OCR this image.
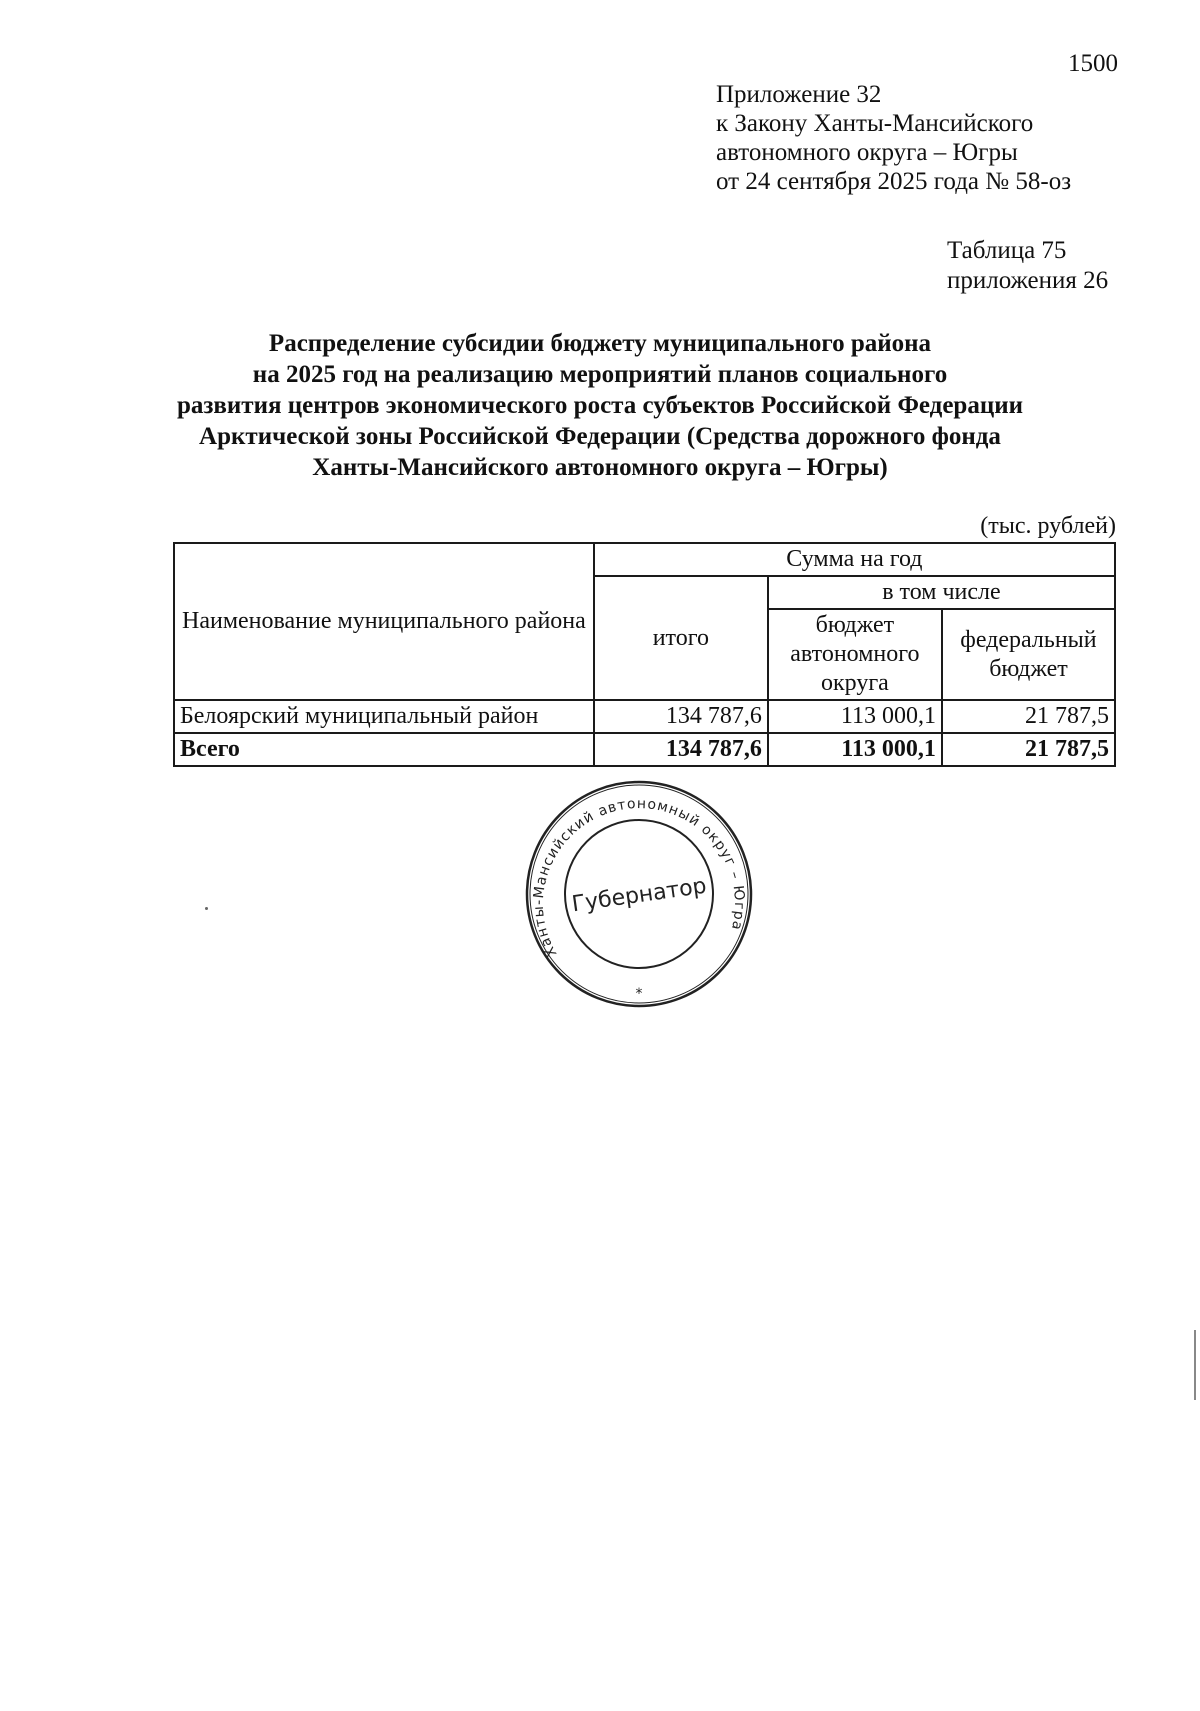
1500
Приложение 32
к Закону Ханты-Мансийского
автономного округа – Югры
от 24 сентября 2025 года № 58-оз
Таблица 75
приложения 26
Распределение субсидии бюджету муниципального района
на 2025 год на реализацию мероприятий планов социального
развития центров экономического роста субъектов Российской Федерации
Арктической зоны Российской Федерации (Средства дорожного фонда
Ханты-Мансийского автономного округа – Югры)
(тыс. рублей)
Наименование муниципального района	Сумма на год		
	итого	в том числе	
		бюджет автономного округа	федеральный бюджет
Белоярский муниципальный район	134 787,6	113 000,1	21 787,5
Всего	134 787,6	113 000,1	21 787,5
Ханты-Мансийский автономный округ – Югра
Губернатор
*
